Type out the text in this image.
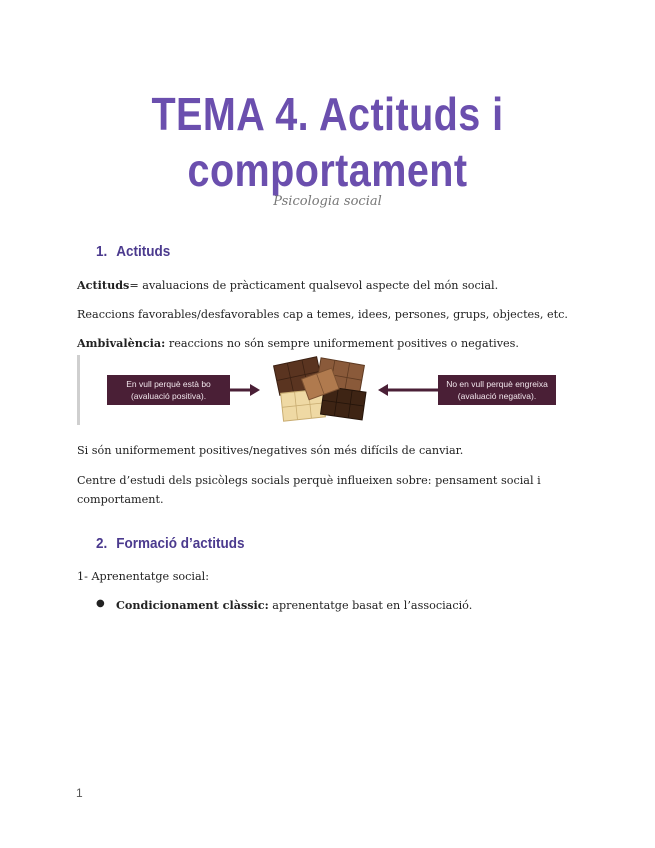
TEMA 4. Actituds i
comportament
Psicologia social
1. Actituds
Actituds= avaluacions de pràcticament qualsevol aspecte del món social.
Reaccions favorables/desfavorables cap a temes, idees, persones, grups, objectes, etc.
Ambivalència: reaccions no són sempre uniformement positives o negatives.
En vull perquè està bo
(avaluació positiva).
No en vull perquè engreixa
(avaluació negativa).
Si són uniformement positives/negatives són més difícils de canviar.
Centre d’estudi dels psicòlegs socials perquè influeixen sobre: pensament social i comportament.
2. Formació d’actituds
1- Aprenentatge social:
● Condicionament clàssic: aprenentatge basat en l’associació.
1
